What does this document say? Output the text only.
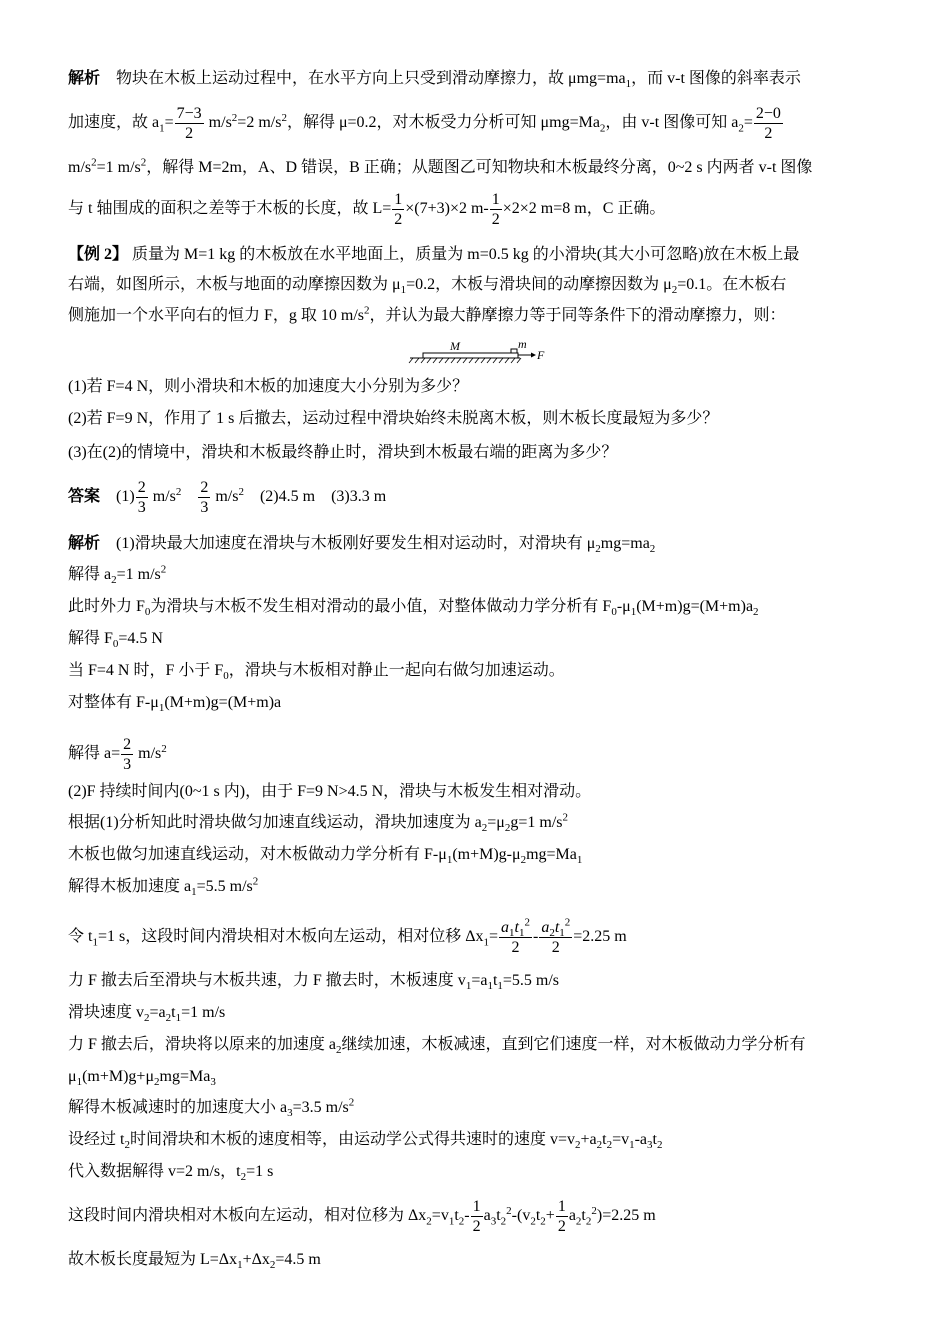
解析　 物块在木板上运动过程中，在水平方向上只受到滑动摩擦力，故 $\mu mg=ma_1$，而 v-t 图像的斜率表示
加速度，故 $a_1= \frac{7-3}{2} m/s^2=2$ $m/s^2$，解得 μ=0.2，对木板受力分析可知 $\mu mg=Ma_2$，由 v-t 图像可知 $a_2= \frac{2-0}{2}$
$m/s^2=1$ $m/s^2$，解得 M=2m，A、D 错误，B 正确；从题图乙可知物块和木板最终分离，0~2 s 内两者 v-t 图像
与 t 轴围成的面积之差等于木板的长度，故 $L= \frac{1}{2} \times(7+3)\times 2$ $m- \frac{1}{2} \times 2\times 2$ m=8 m，C 正确。
【例 2】 质量为 M=1 kg 的木板放在水平地面上，质量为 m=0.5 kg 的小滑块(其大小可忽略)放在木板上最
右端，如图所示，木板与地面的动摩擦因数为 $\mu_1=0.2$，木板与滑块间的动摩擦因数为 $\mu_2=0.1$。在木板右
侧施加一个水平向右的恒力 F，g 取 10 $m/s^2$，并认为最大静摩擦力等于同等条件下的滑动摩擦力，则：
M	m
F
(1)若 F=4 N，则小滑块和木板的加速度大小分别为多少？
(2)若 F=9 N，作用了 1 s 后撤去，运动过程中滑块始终未脱离木板，则木板长度最短为多少？
(3)在(2)的情境中，滑块和木板最终静止时，滑块到木板最右端的距离为多少？
答案　 $(1) \frac{2}{3} m/s^2$　 $\frac{2}{3} m/s^2$　 (2)4.5 m　(3)3.3 m
解析　 (1)滑块最大加速度在滑块与木板刚好要发生相对运动时，对滑块有 $\mu_2mg=ma_2$
解得 $a_2=1$ $m/s^2$
此时外力 $F_0$为滑块与木板不发生相对滑动的最小值，对整体做动力学分析有 $F_0-\mu_1(M+m)g=(M+m)a_2$
解得 $F_0=4.5$ N
当 F=4 N 时，F 小于 $F_0$，滑块与木板相对静止一起向右做匀加速运动。
对整体有 $F-\mu_1(M+m)g=(M+m)a$
解得 $a= \frac{2}{3} m/s^2$
(2)F 持续时间内(0~1 s 内)，由于 F=9 N>4.5 N，滑块与木板发生相对滑动。
根据(1)分析知此时滑块做匀加速直线运动，滑块加速度为 $a_2=\mu_2g=1$ $m/s^2$
木板也做匀加速直线运动，对木板做动力学分析有 $F-\mu_1(m+M)g-\mu_2mg=Ma_1$
解得木板加速度 $a_1=5.5$ $m/s^2$
令 $t_1=1$ s，这段时间内滑块相对木板向左运动，相对位移 $\Delta x_1= \frac{a_1t_1^2}{2} - \frac{a_2t_1^2}{2} =2.25$ m
力 F 撤去后至滑块与木板共速，力 F 撤去时，木板速度 $v_1=a_1t_1=5.5$ m/s
滑块速度 $v_2=a_2t_1=1$ m/s
力 F 撤去后，滑块将以原来的加速度 $a_2$继续加速，木板减速，直到它们速度一样，对木板做动力学分析有
$\mu_1(m+M)g+\mu_2mg=Ma_3$
解得木板减速时的加速度大小 $a_3=3.5$ $m/s^2$
设经过 $t_2$时间滑块和木板的速度相等，由运动学公式得共速时的速度 $v=v_2+a_2t_2=v_1-a_3t_2$
代入数据解得 v=2 m/s，$t_2=1$ s
这段时间内滑块相对木板向左运动，相对位移为 $\Delta x_2=v_1t_2- \frac{1}{2} a_3t_2^2-(v_2t_2+ \frac{1}{2} a_2t_2^2)=2.25$ m
故木板长度最短为 $L=\Delta x_1+\Delta x_2=4.5$ m
